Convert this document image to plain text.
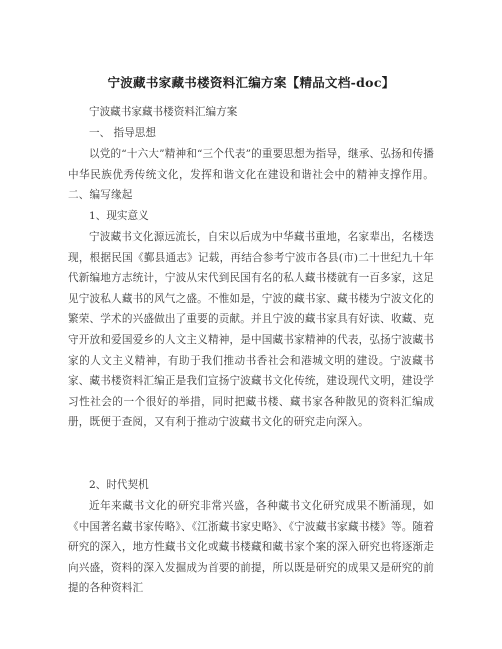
宁波藏书家藏书楼资料汇编方案【精品文档-doc】
宁波藏书家藏书楼资料汇编方案
一、 指导思想
以党的“十六大”精神和“三个代表”的重要思想为指导，继承、弘扬和传播中华民族优秀传统文化，发挥和谐文化在建设和谐社会中的精神支撑作用。 二、编写缘起
1、现实意义
宁波藏书文化源远流长，自宋以后成为中华藏书重地，名家辈出，名楼迭现，根据民国《鄞县通志》记载，再结合参考宁波市各县(市)二十世纪九十年代新编地方志统计，宁波从宋代到民国有名的私人藏书楼就有一百多家，这足见宁波私人藏书的风气之盛。不惟如是，宁波的藏书家、藏书楼为宁波文化的繁荣、学术的兴盛做出了重要的贡献。并且宁波的藏书家具有好读、收藏、克守开放和爱国爱乡的人文主义精神，是中国藏书家精神的代表，弘扬宁波藏书家的人文主义精神，有助于我们推动书香社会和港城文明的建设。宁波藏书家、藏书楼资料汇编正是我们宣扬宁波藏书文化传统，建设现代文明，建设学习性社会的一个很好的举措，同时把藏书楼、藏书家各种散见的资料汇编成册，既便于查阅，又有利于推动宁波藏书文化的研究走向深入。
2、时代契机
近年来藏书文化的研究非常兴盛，各种藏书文化研究成果不断涌现，如《中国著名藏书家传略》、《江浙藏书家史略》、《宁波藏书家藏书楼》等。随着研究的深入，地方性藏书文化或藏书楼藏和藏书家个案的深入研究也将逐渐走向兴盛，资料的深入发掘成为首要的前提，所以既是研究的成果又是研究的前提的各种资料汇
